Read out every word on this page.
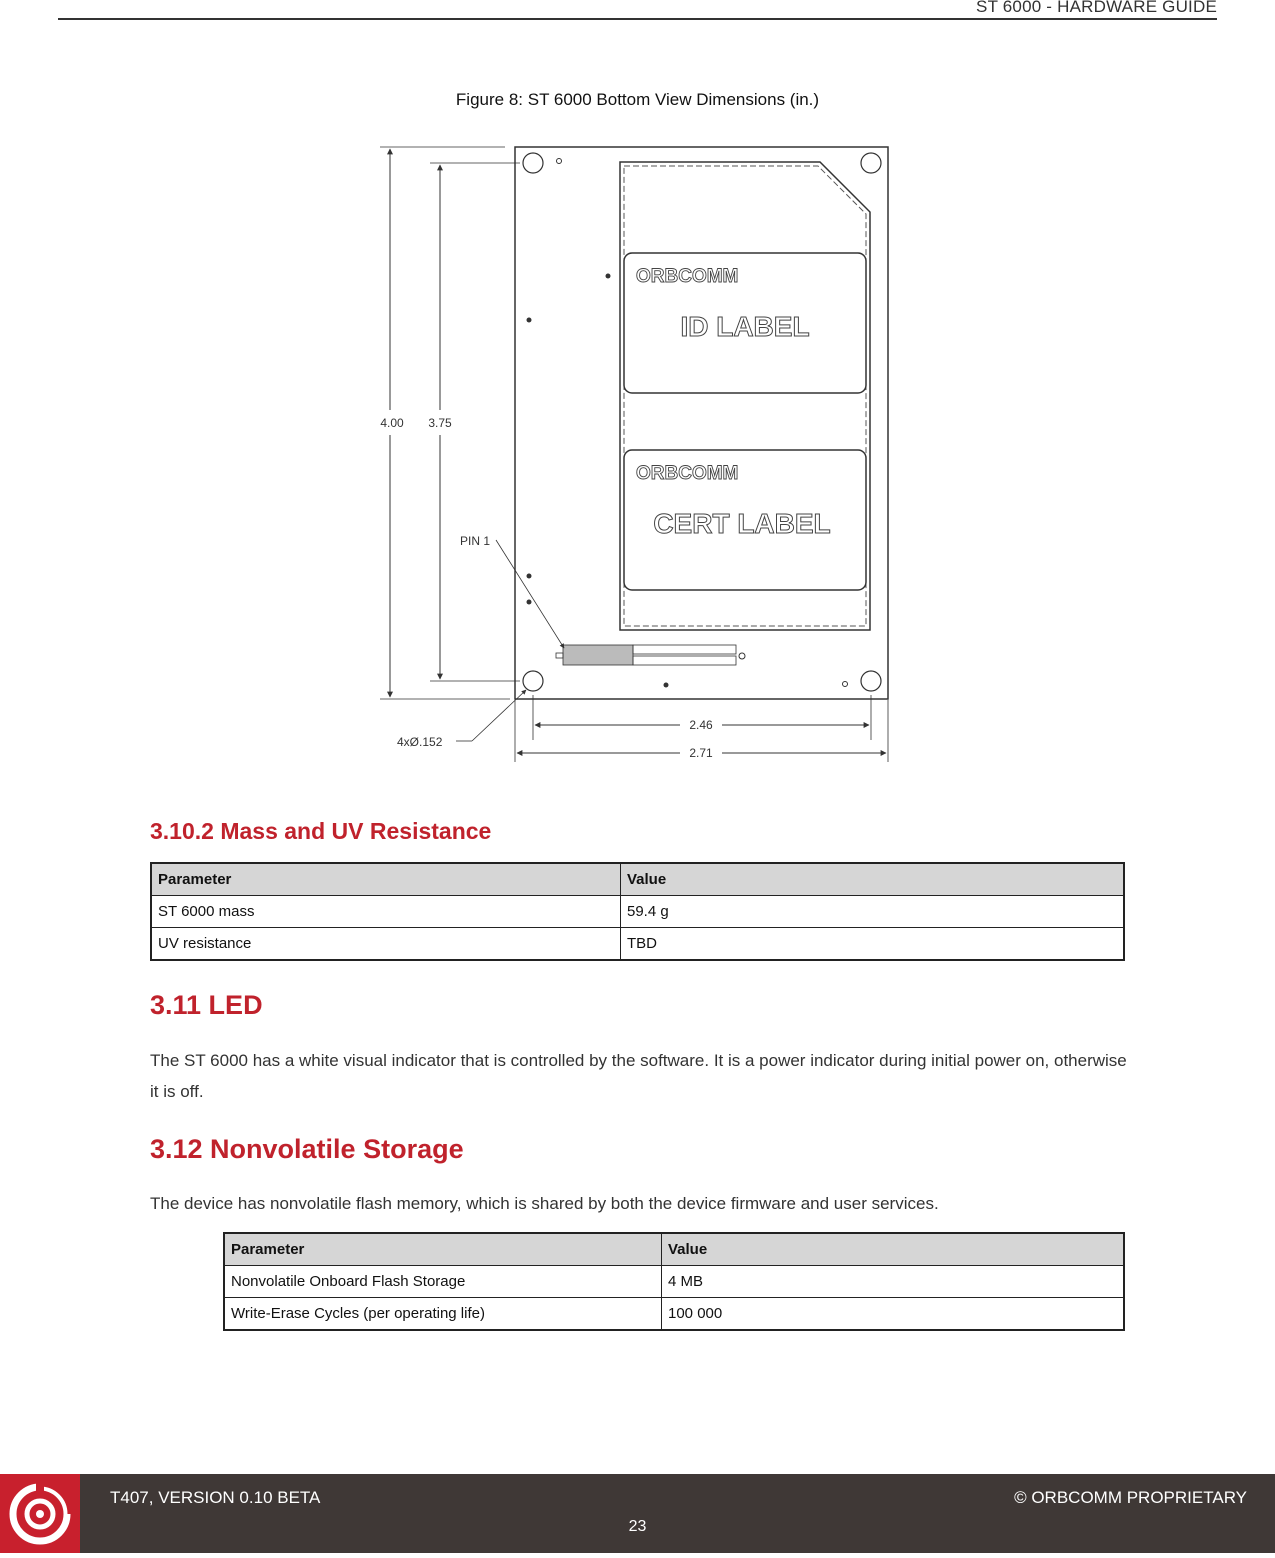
ST 6000 - HARDWARE GUIDE
Figure 8: ST 6000 Bottom View Dimensions (in.)
ORBCOMM
ID LABEL
ORBCOMM
CERT LABEL
4.00 3.75
2.46
2.71
4xØ.152
PIN 1
3.10.2 Mass and UV Resistance
Parameter	Value
ST 6000 mass	59.4 g
UV resistance	TBD
3.11 LED

The ST 6000 has a white visual indicator that is controlled by the software. It is a power indicator during initial power on, otherwise it is off.

3.12 Nonvolatile Storage

The device has nonvolatile flash memory, which is shared by both the device firmware and user services.

Parameter	Value
Nonvolatile Onboard Flash Storage	4 MB
Write-Erase Cycles (per operating life)	100 000
T407, VERSION 0.10 BETA	© ORBCOMM PROPRIETARY
23
